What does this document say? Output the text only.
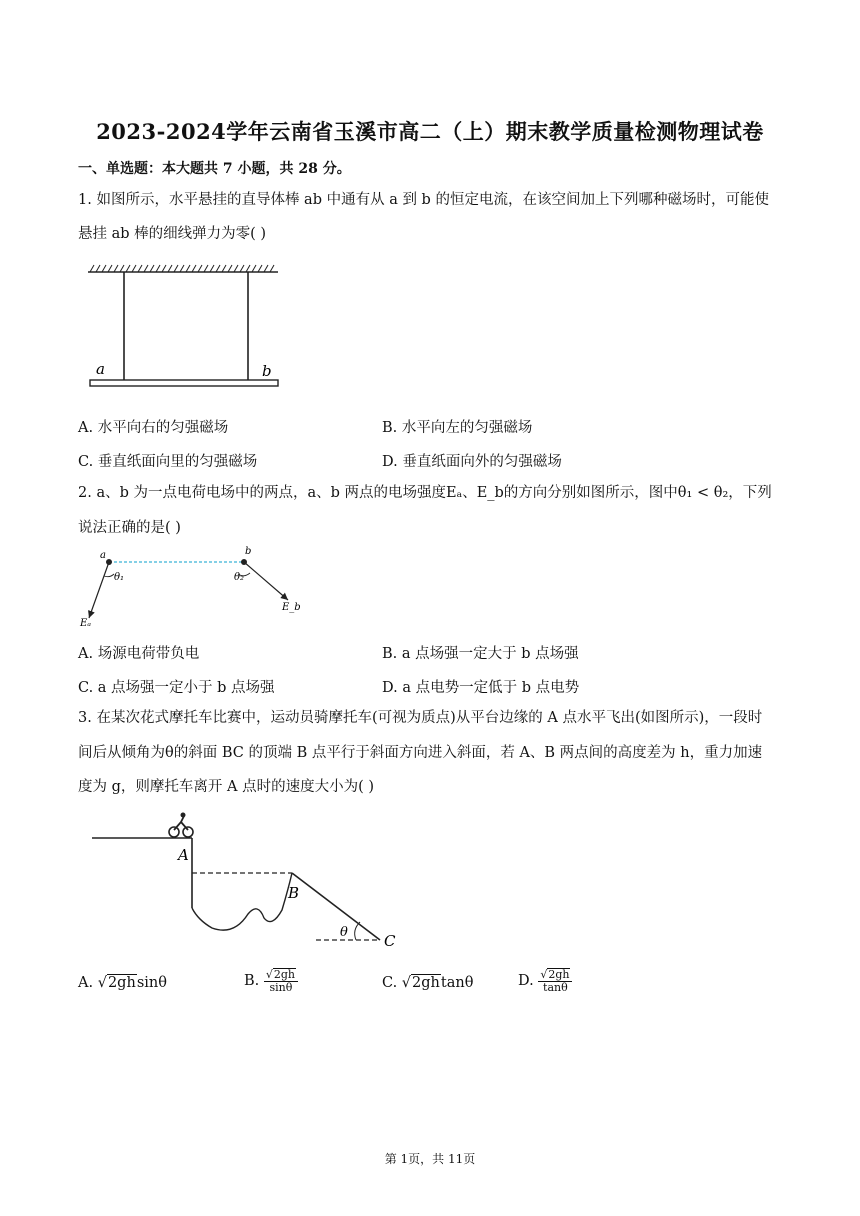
2023-2024学年云南省玉溪市高二（上）期末教学质量检测物理试卷
一、单选题：本大题共 7 小题，共 28 分。
1. 如图所示，水平悬挂的直导体棒 ab 中通有从 a 到 b 的恒定电流，在该空间加上下列哪种磁场时，可能使
悬挂 ab 棒的细线弹力为零( )
a	b
A. 水平向右的匀强磁场	B. 水平向左的匀强磁场
C. 垂直纸面向里的匀强磁场	D. 垂直纸面向外的匀强磁场
2. a、b 为一点电荷电场中的两点，a、b 两点的电场强度Eₐ、E_b的方向分别如图所示，图中θ₁ < θ₂，下列
说法正确的是( )
a	b
θ₁	θ₂
Eₐ
E_b
A. 场源电荷带负电	B. a 点场强一定大于 b 点场强
C. a 点场强一定小于 b 点场强	D. a 点电势一定低于 b 点电势
3. 在某次花式摩托车比赛中，运动员骑摩托车(可视为质点)从平台边缘的 A 点水平飞出(如图所示)，一段时
间后从倾角为θ的斜面 BC 的顶端 B 点平行于斜面方向进入斜面，若 A、B 两点间的高度差为 h，重力加速
度为 g，则摩托车离开 A 点时的速度大小为( )
A
B
C
θ
A. √2ghsinθ	B. $\frac{√2gh}{\sin\theta}$	C. √2ghtanθ	D. $\frac{√2gh}{\tan\theta}$
第 1页，共 11页
